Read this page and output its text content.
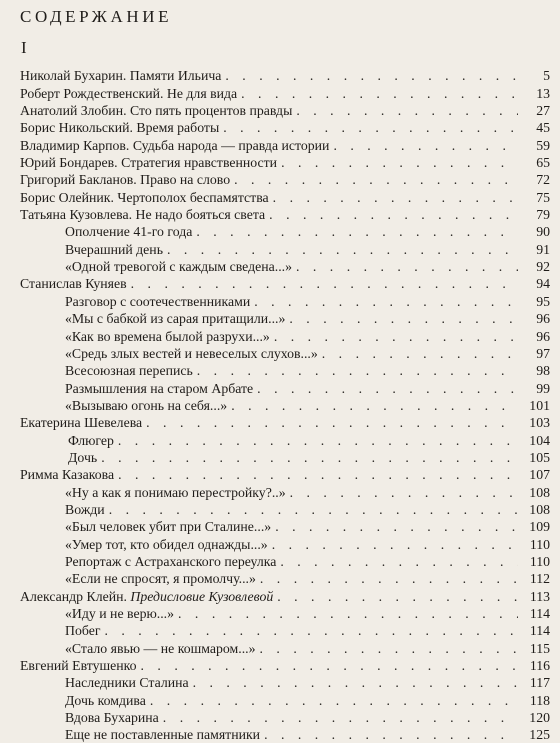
СОДЕРЖАНИЕ
I
Николай Бухарин. Памяти Ильича . . .	5
Роберт Рождественский. Не для вида . . .	13
Анатолий Злобин. Сто пять процентов правды . . .	27
Борис Никольский. Время работы . . .	45
Владимир Карпов. Судьба народа — правда истории . . .	59
Юрий Бондарев. Стратегия нравственности . . .	65
Григорий Бакланов. Право на слово . . .	72
Борис Олейник. Чертополох беспамятства . . .	75
Татьяна Кузовлева. Не надо бояться света . . .	79
Ополчение 41-го года . . .	90
Вчерашний день . . .	91
«Одной тревогой с каждым сведена...» . . .	92
Станислав Куняев . . .	94
Разговор с соотечественниками . . .	95
«Мы с бабкой из сарая притащили...» . . .	96
«Как во времена былой разрухи...» . . .	96
«Средь злых вестей и невеселых слухов...» . . .	97
Всесоюзная перепись . . .	98
Размышления на старом Арбате . . .	99
«Вызываю огонь на себя...» . . .	101
Екатерина Шевелева . . .	103
Флюгер . . .	104
Дочь . . .	105
Римма Казакова . . .	107
«Ну а как я понимаю перестройку?..» . . .	108
Вожди . . .	108
«Был человек убит при Сталине...» . . .	109
«Умер тот, кто обидел однажды...» . . .	110
Репортаж с Астраханского переулка . . .	110
«Если не спросят, я промолчу...» . . .	112
Александр Клейн. Предисловие Кузовлевой . . .	113
«Иду и не верю...» . . .	114
Побег . . .	114
«Стало явью — не кошмаром...» . . .	115
Евгений Евтушенко . . .	116
Наследники Сталина . . .	117
Дочь комдива . . .	118
Вдова Бухарина . . .	120
Еще не поставленные памятники . . .	125
